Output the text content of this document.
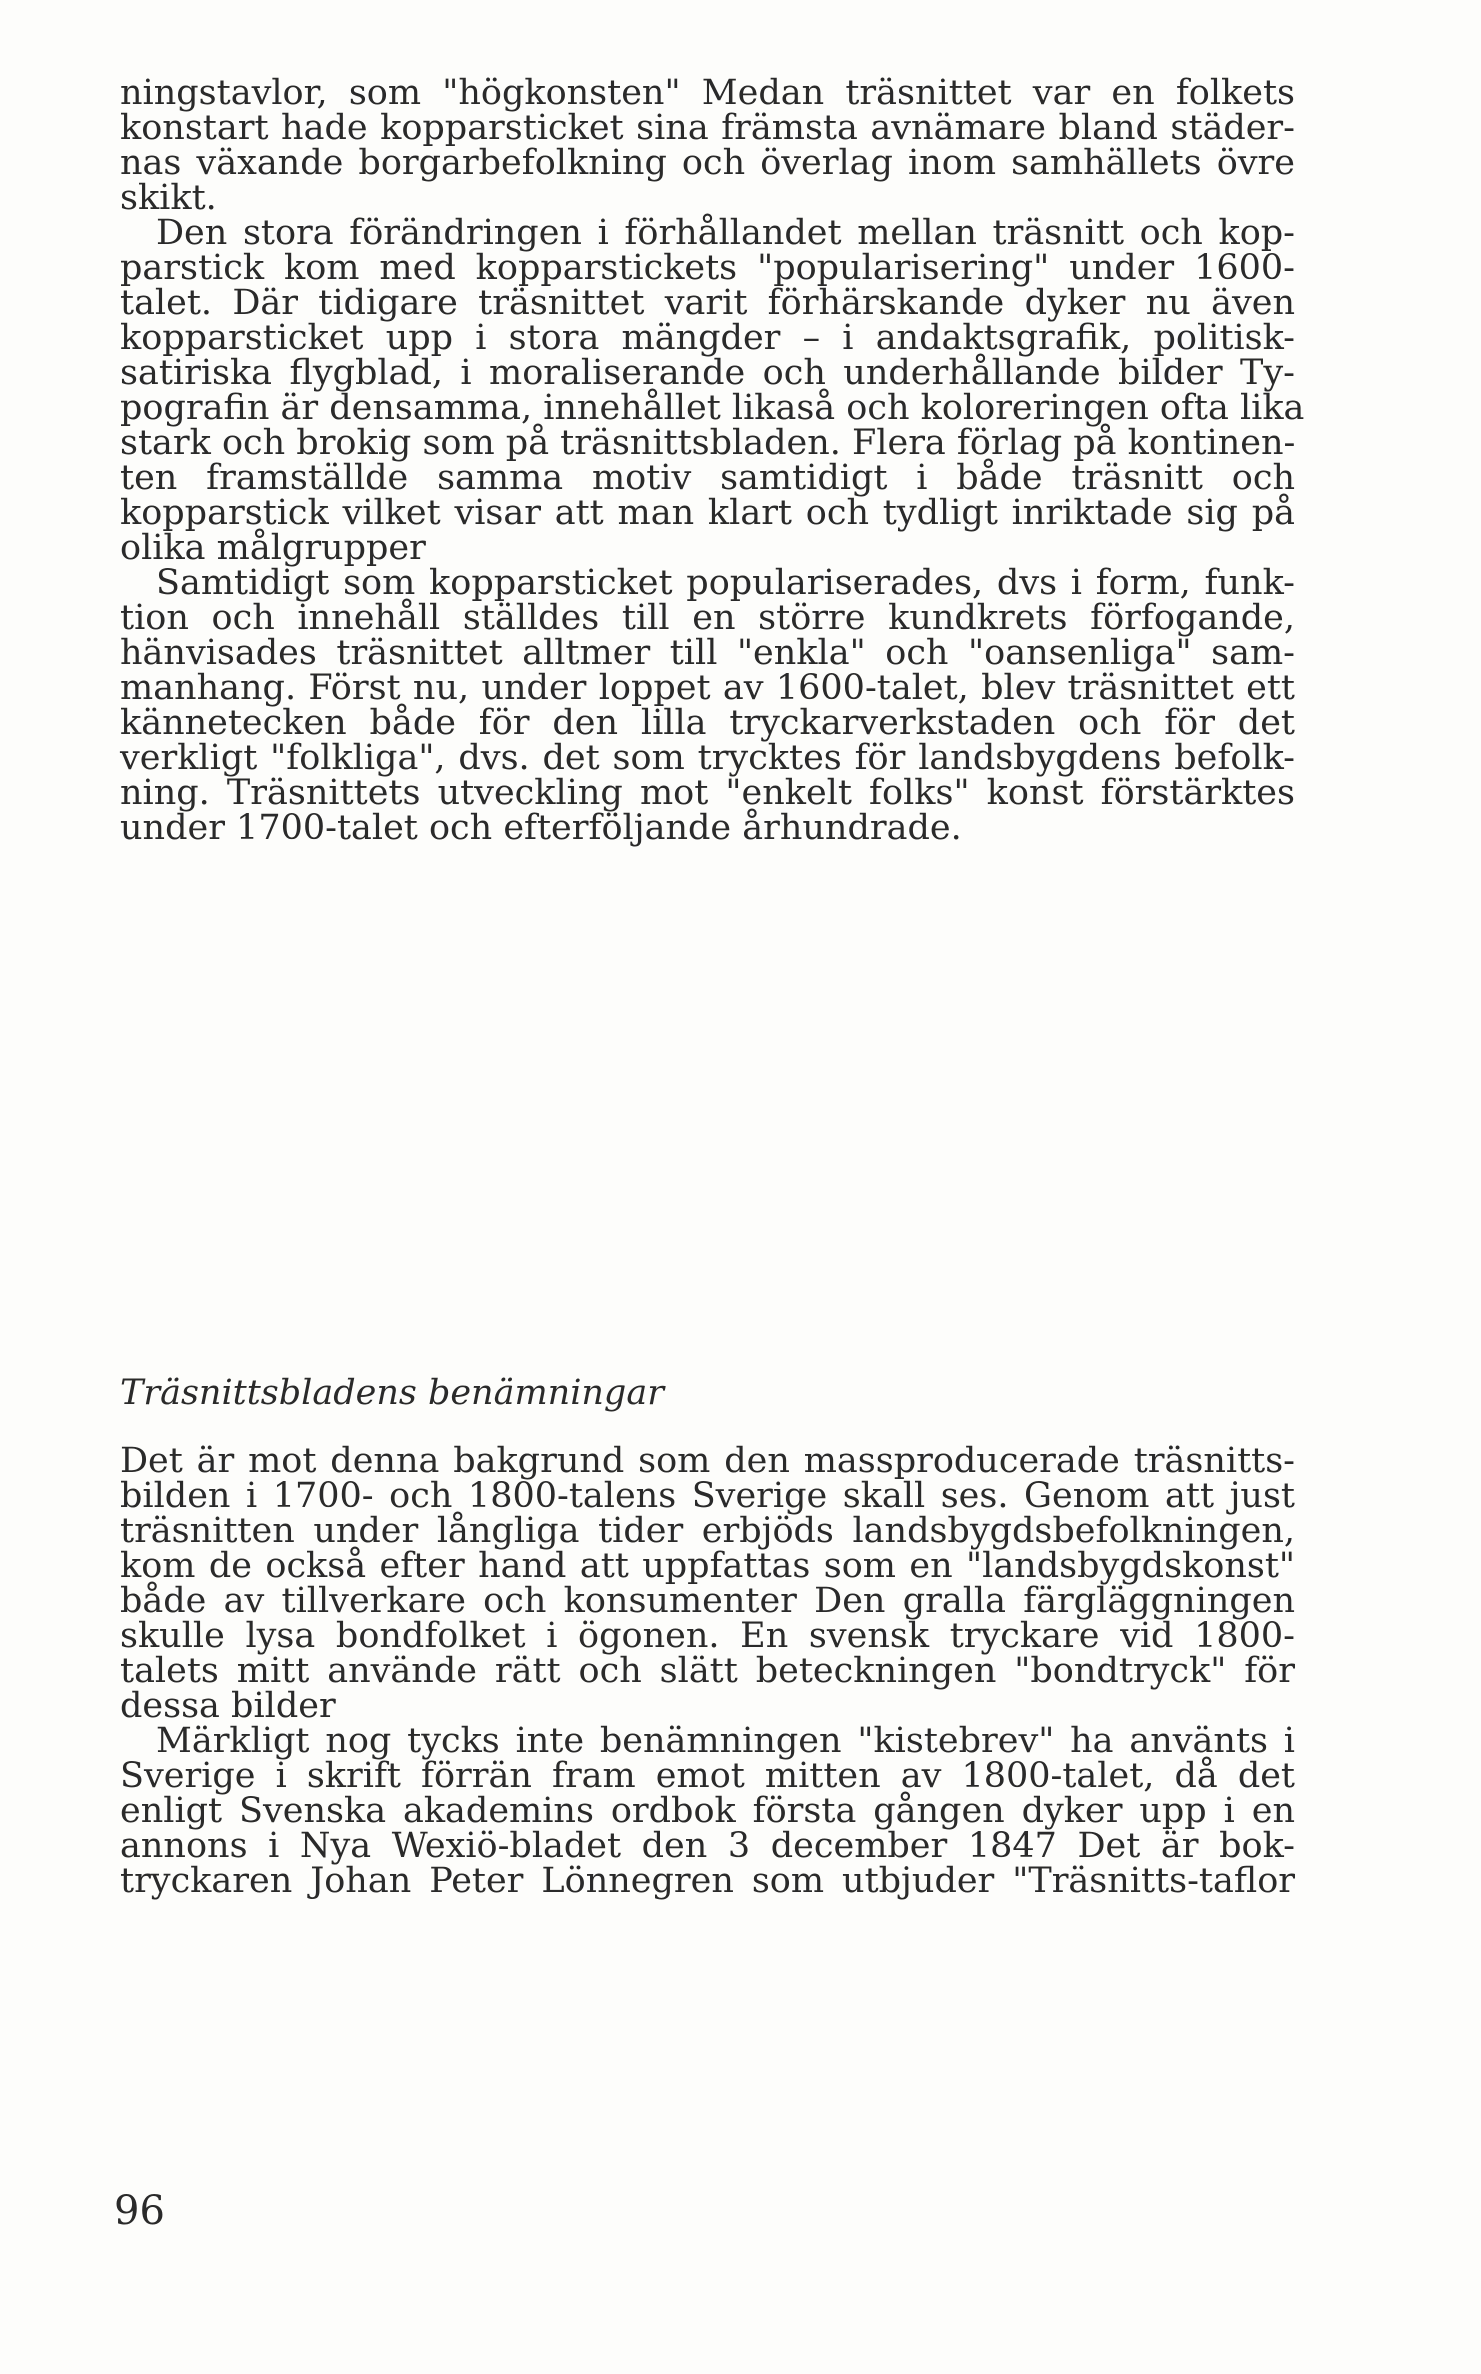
ningstavlor, som "högkonsten" Medan träsnittet var en folkets
konstart hade kopparsticket sina främsta avnämare bland städer-
nas växande borgarbefolkning och överlag inom samhällets övre
skikt.
Den stora förändringen i förhållandet mellan träsnitt och kop-
parstick kom med kopparstickets "popularisering" under 1600-
talet. Där tidigare träsnittet varit förhärskande dyker nu även
kopparsticket upp i stora mängder – i andaktsgrafik, politisk-
satiriska flygblad, i moraliserande och underhållande bilder Ty-
pografin är densamma, innehållet likaså och koloreringen ofta lika
stark och brokig som på träsnittsbladen. Flera förlag på kontinen-
ten framställde samma motiv samtidigt i både träsnitt och
kopparstick vilket visar att man klart och tydligt inriktade sig på
olika målgrupper
Samtidigt som kopparsticket populariserades, dvs i form, funk-
tion och innehåll ställdes till en större kundkrets förfogande,
hänvisades träsnittet alltmer till "enkla" och "oansenliga" sam-
manhang. Först nu, under loppet av 1600-talet, blev träsnittet ett
kännetecken både för den lilla tryckarverkstaden och för det
verkligt "folkliga", dvs. det som trycktes för landsbygdens befolk-
ning. Träsnittets utveckling mot "enkelt folks" konst förstärktes
under 1700-talet och efterföljande århundrade.
Träsnittsbladens benämningar
Det är mot denna bakgrund som den massproducerade träsnitts-
bilden i 1700- och 1800-talens Sverige skall ses. Genom att just
träsnitten under långliga tider erbjöds landsbygdsbefolkningen,
kom de också efter hand att uppfattas som en "landsbygdskonst"
både av tillverkare och konsumenter Den gralla färgläggningen
skulle lysa bondfolket i ögonen. En svensk tryckare vid 1800-
talets mitt använde rätt och slätt beteckningen "bondtryck" för
dessa bilder
Märkligt nog tycks inte benämningen "kistebrev" ha använts i
Sverige i skrift förrän fram emot mitten av 1800-talet, då det
enligt Svenska akademins ordbok första gången dyker upp i en
annons i Nya Wexiö-bladet den 3 december 1847 Det är bok-
tryckaren Johan Peter Lönnegren som utbjuder "Träsnitts-taflor
96
